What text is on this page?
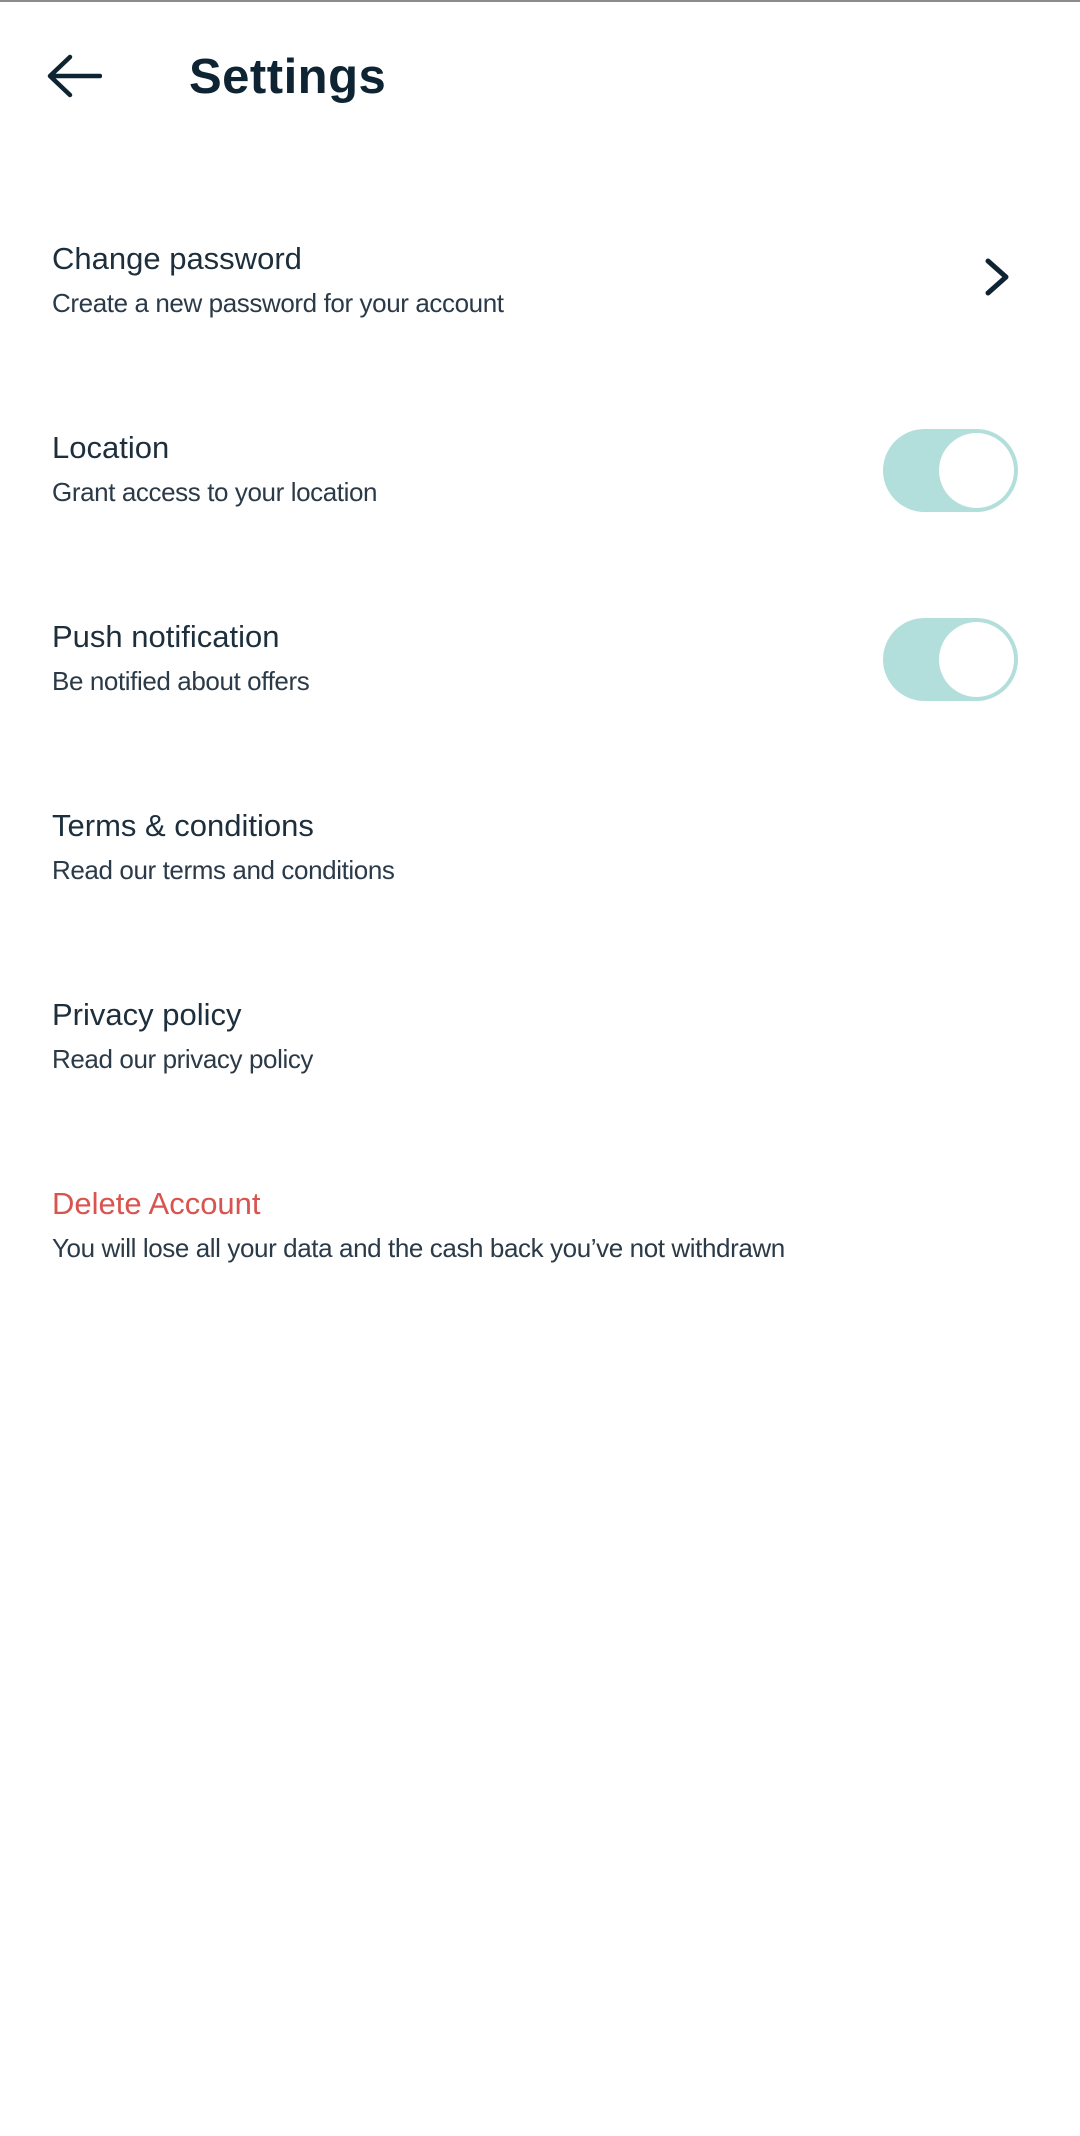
Settings
Change password
Create a new password for your account
Location
Grant access to your location
Push notification
Be notified about offers
Terms & conditions
Read our terms and conditions
Privacy policy
Read our privacy policy
Delete Account
You will lose all your data and the cash back you’ve not withdrawn
